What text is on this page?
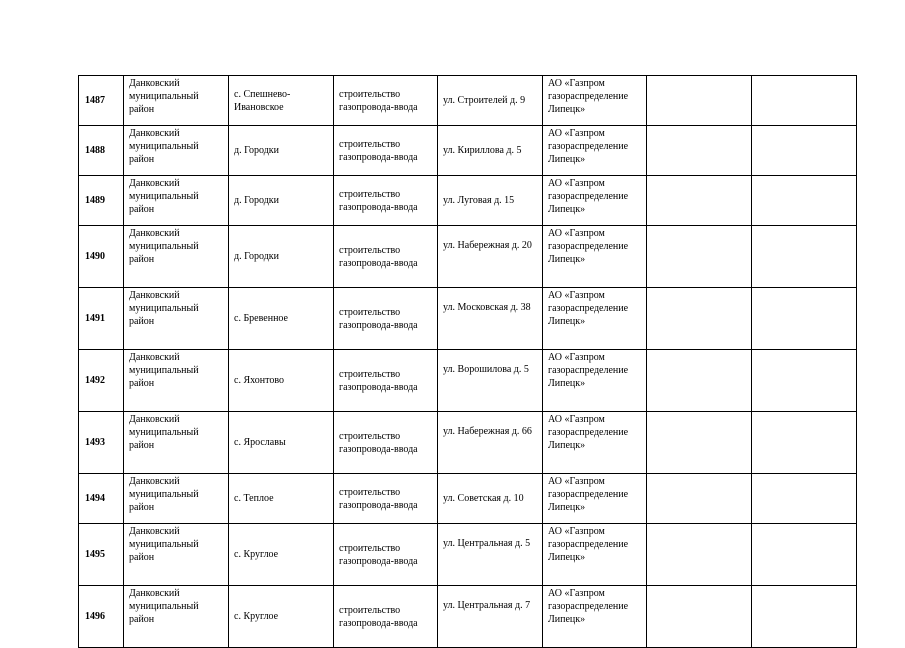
1487	Данковский муниципальный район	с. Спешнево-Ивановское	строительство газопровода-ввода	ул. Строителей д. 9	АО «Газпром газораспределение Липецк»		
1488	Данковский муниципальный район	д. Городки	строительство газопровода-ввода	ул. Кириллова д. 5	АО «Газпром газораспределение Липецк»		
1489	Данковский муниципальный район	д. Городки	строительство газопровода-ввода	ул. Луговая д. 15	АО «Газпром газораспределение Липецк»		
1490	Данковский муниципальный район	д. Городки	строительство газопровода-ввода	ул. Набережная д. 20	АО «Газпром газораспределение Липецк»		
1491	Данковский муниципальный район	с. Бревенное	строительство газопровода-ввода	ул. Московская д. 38	АО «Газпром газораспределение Липецк»		
1492	Данковский муниципальный район	с. Яхонтово	строительство газопровода-ввода	ул. Ворошилова д. 5	АО «Газпром газораспределение Липецк»		
1493	Данковский муниципальный район	с. Ярославы	строительство газопровода-ввода	ул. Набережная д. 66	АО «Газпром газораспределение Липецк»		
1494	Данковский муниципальный район	с. Теплое	строительство газопровода-ввода	ул. Советская д. 10	АО «Газпром газораспределение Липецк»		
1495	Данковский муниципальный район	с. Круглое	строительство газопровода-ввода	ул. Центральная д. 5	АО «Газпром газораспределение Липецк»		
1496	Данковский муниципальный район	с. Круглое	строительство газопровода-ввода	ул. Центральная д. 7	АО «Газпром газораспределение Липецк»		
